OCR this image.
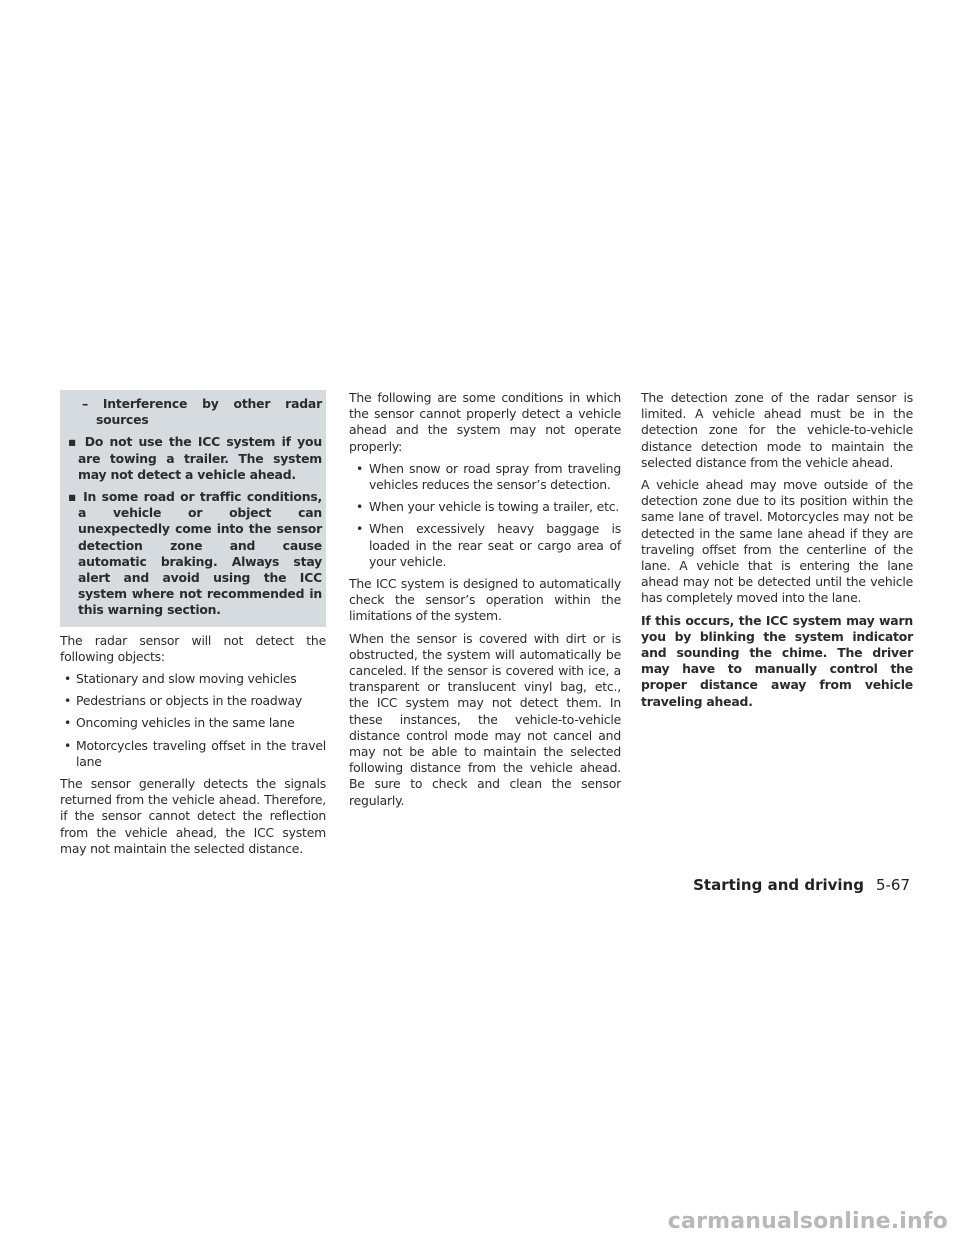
– Interference by other radar sources

▪ Do not use the ICC system if you are towing a trailer. The system may not detect a vehicle ahead.

▪ In some road or traffic conditions, a vehicle or object can unexpectedly come into the sensor detection zone and cause automatic braking. Always stay alert and avoid using the ICC system where not recommended in this warning section.

The radar sensor will not detect the following objects:

• Stationary and slow moving vehicles
• Pedestrians or objects in the roadway
• Oncoming vehicles in the same lane
• Motorcycles traveling offset in the travel lane

The sensor generally detects the signals returned from the vehicle ahead. Therefore, if the sensor cannot detect the reflection from the vehicle ahead, the ICC system may not maintain the selected distance.

The following are some conditions in which the sensor cannot properly detect a vehicle ahead and the system may not operate properly:

• When snow or road spray from traveling vehicles reduces the sensor’s detection.
• When your vehicle is towing a trailer, etc.
• When excessively heavy baggage is loaded in the rear seat or cargo area of your vehicle.

The ICC system is designed to automatically check the sensor’s operation within the limitations of the system.

When the sensor is covered with dirt or is obstructed, the system will automatically be canceled. If the sensor is covered with ice, a transparent or translucent vinyl bag, etc., the ICC system may not detect them. In these instances, the vehicle-to-vehicle distance control mode may not cancel and may not be able to maintain the selected following distance from the vehicle ahead. Be sure to check and clean the sensor regularly.

The detection zone of the radar sensor is limited. A vehicle ahead must be in the detection zone for the vehicle-to-vehicle distance detection mode to maintain the selected distance from the vehicle ahead.

A vehicle ahead may move outside of the detection zone due to its position within the same lane of travel. Motorcycles may not be detected in the same lane ahead if they are traveling offset from the centerline of the lane. A vehicle that is entering the lane ahead may not be detected until the vehicle has completely moved into the lane.

If this occurs, the ICC system may warn you by blinking the system indicator and sounding the chime. The driver may have to manually control the proper distance away from vehicle traveling ahead.

Starting and driving 5-67
carmanualsonline.info
